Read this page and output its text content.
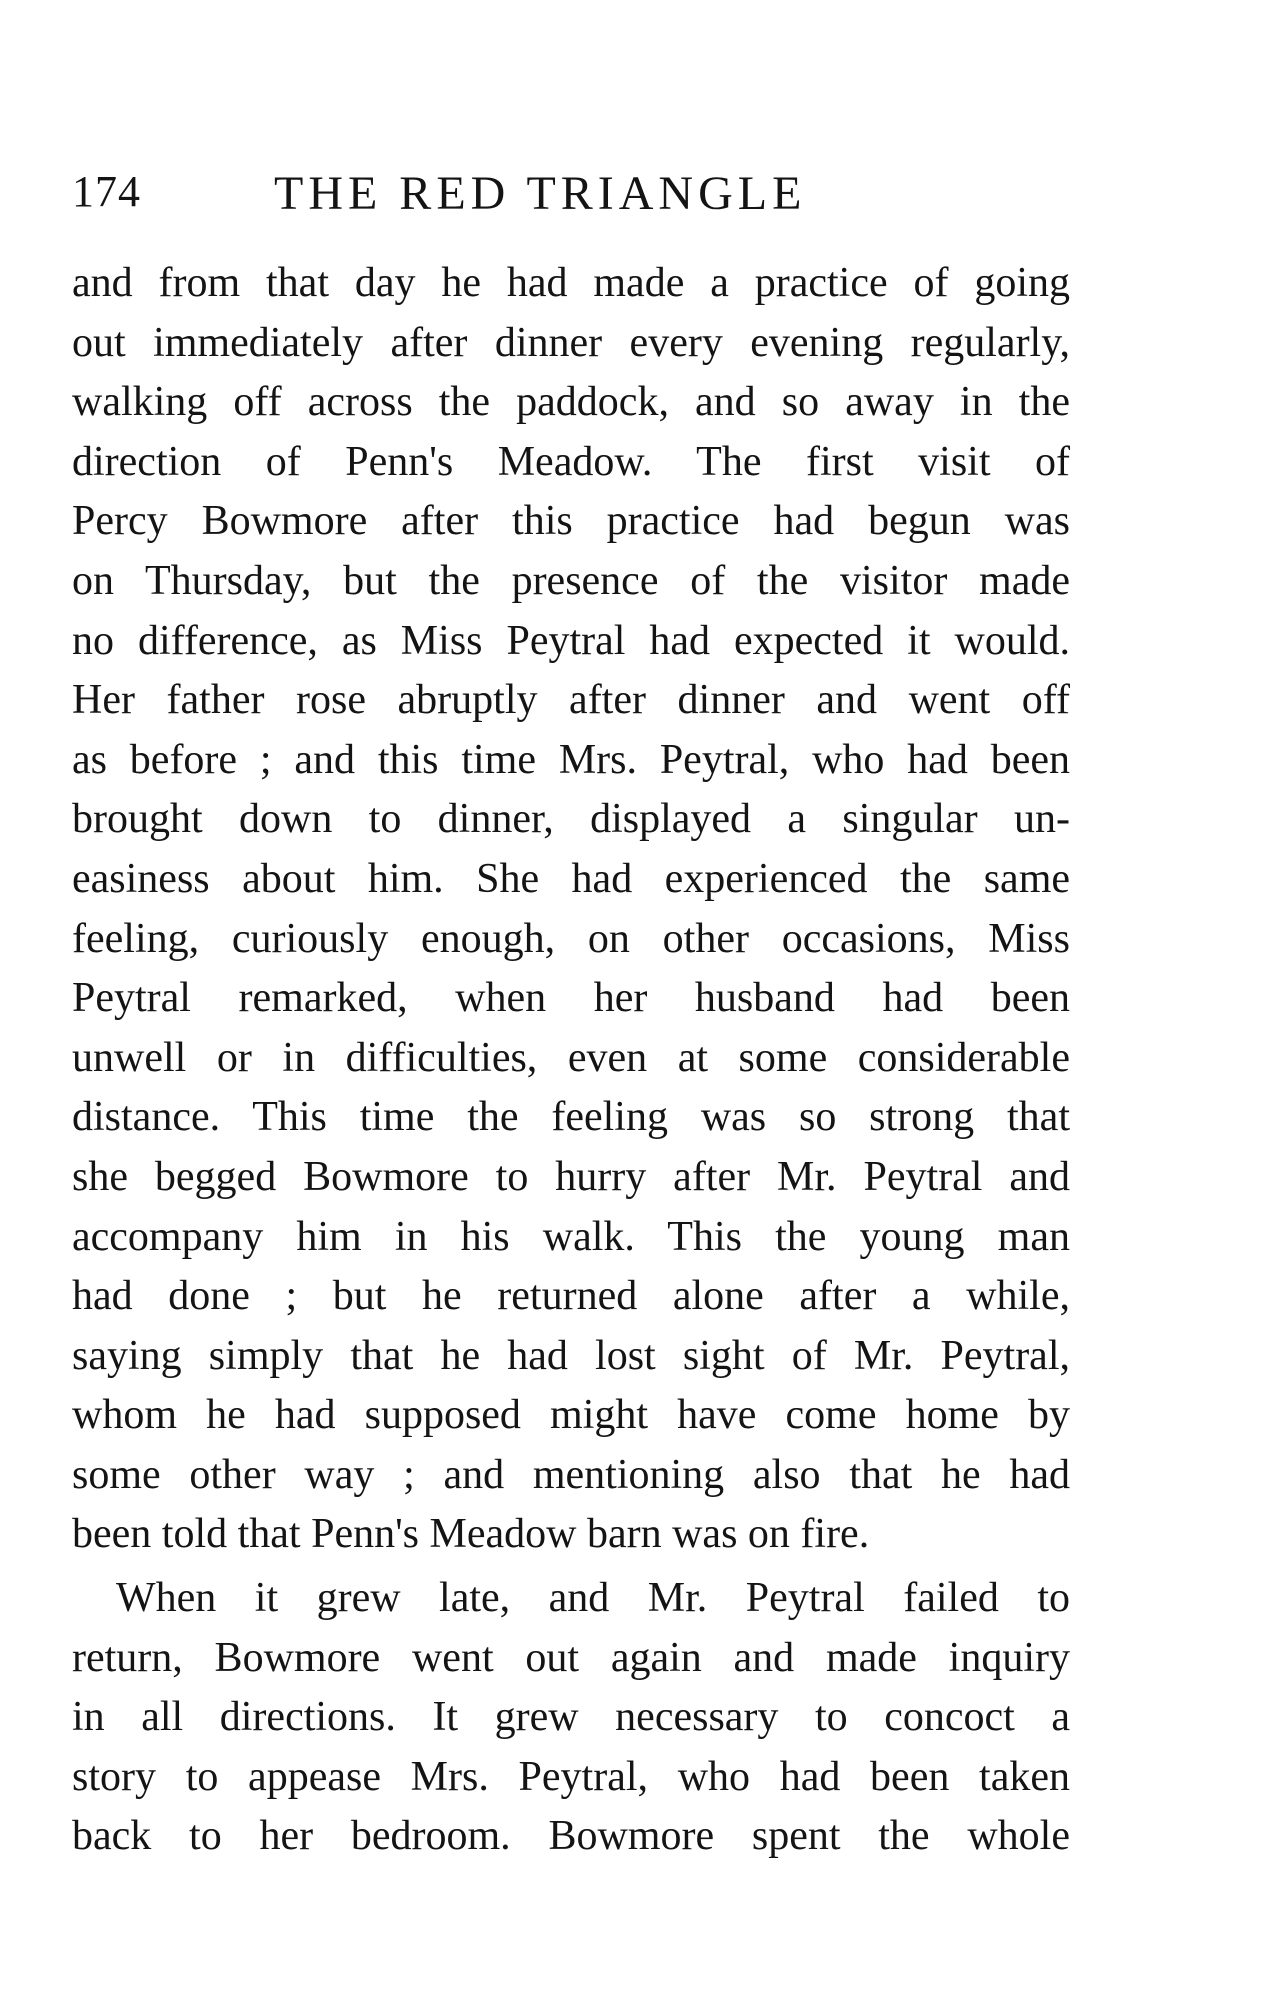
174	THE RED TRIANGLE
and from that day he had made a practice of going
out immediately after dinner every evening regularly,
walking off across the paddock, and so away in the
direction of Penn's Meadow. The first visit of
Percy Bowmore after this practice had begun was
on Thursday, but the presence of the visitor made
no difference, as Miss Peytral had expected it would.
Her father rose abruptly after dinner and went off
as before ; and this time Mrs. Peytral, who had been
brought down to dinner, displayed a singular un-
easiness about him. She had experienced the same
feeling, curiously enough, on other occasions, Miss
Peytral remarked, when her husband had been
unwell or in difficulties, even at some considerable
distance. This time the feeling was so strong that
she begged Bowmore to hurry after Mr. Peytral and
accompany him in his walk. This the young man
had done ; but he returned alone after a while,
saying simply that he had lost sight of Mr. Peytral,
whom he had supposed might have come home by
some other way ; and mentioning also that he had
been told that Penn's Meadow barn was on fire.
When it grew late, and Mr. Peytral failed to
return, Bowmore went out again and made inquiry
in all directions. It grew necessary to concoct a
story to appease Mrs. Peytral, who had been taken
back to her bedroom. Bowmore spent the whole
